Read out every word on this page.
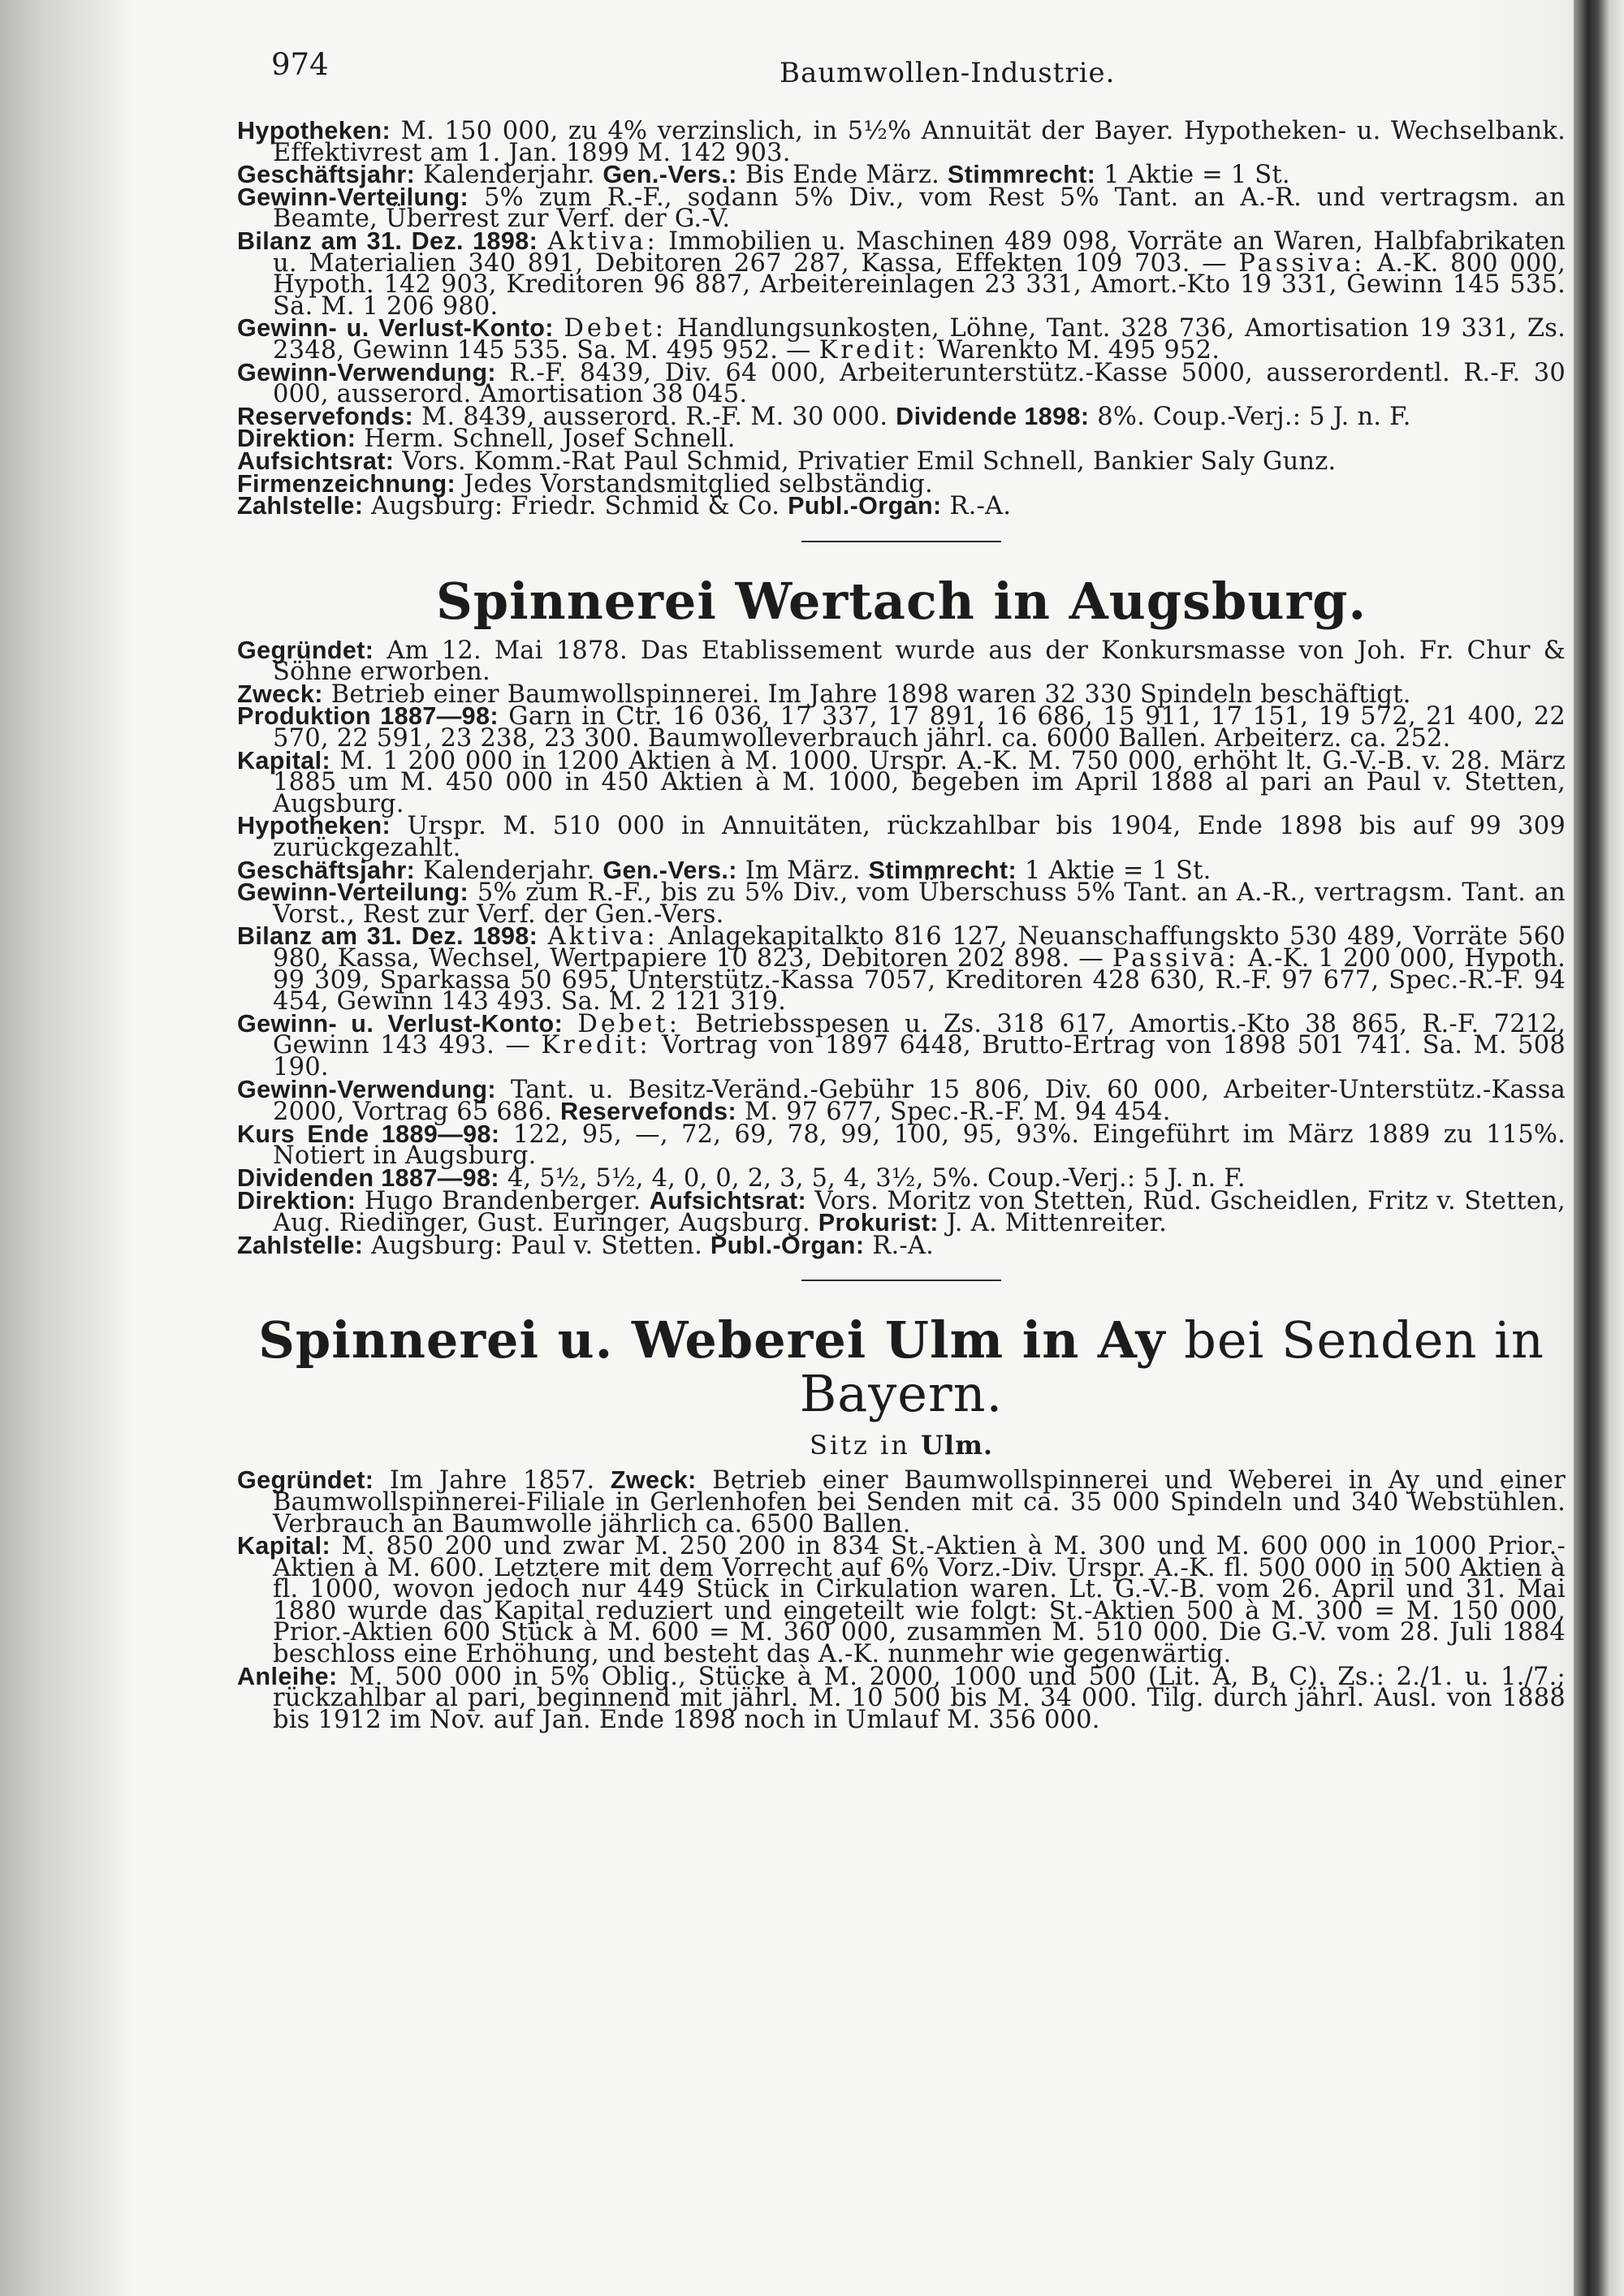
974	Baumwollen-Industrie.

Hypotheken: M. 150 000, zu 4% verzinslich, in 5½% Annuität der Bayer. Hypotheken- u. Wechselbank. Effektivrest am 1. Jan. 1899 M. 142 903.

Geschäftsjahr: Kalenderjahr. Gen.-Vers.: Bis Ende März. Stimmrecht: 1 Aktie = 1 St.

Gewinn-Verteilung: 5% zum R.-F., sodann 5% Div., vom Rest 5% Tant. an A.-R. und vertragsm. an Beamte, Überrest zur Verf. der G.-V.

Bilanz am 31. Dez. 1898: Aktiva: Immobilien u. Maschinen 489 098, Vorräte an Waren, Halbfabrikaten u. Materialien 340 891, Debitoren 267 287, Kassa, Effekten 109 703. — Passiva: A.-K. 800 000, Hypoth. 142 903, Kreditoren 96 887, Arbeitereinlagen 23 331, Amort.-Kto 19 331, Gewinn 145 535. Sa. M. 1 206 980.

Gewinn- u. Verlust-Konto: Debet: Handlungsunkosten, Löhne, Tant. 328 736, Amortisation 19 331, Zs. 2348, Gewinn 145 535. Sa. M. 495 952. — Kredit: Warenkto M. 495 952.

Gewinn-Verwendung: R.-F. 8439, Div. 64 000, Arbeiterunterstütz.-Kasse 5000, ausserordentl. R.-F. 30 000, ausserord. Amortisation 38 045.

Reservefonds: M. 8439, ausserord. R.-F. M. 30 000. Dividende 1898: 8%. Coup.-Verj.: 5 J. n. F.

Direktion: Herm. Schnell, Josef Schnell.

Aufsichtsrat: Vors. Komm.-Rat Paul Schmid, Privatier Emil Schnell, Bankier Saly Gunz.

Firmenzeichnung: Jedes Vorstandsmitglied selbständig.

Zahlstelle: Augsburg: Friedr. Schmid & Co. Publ.-Organ: R.-A.

Spinnerei Wertach in Augsburg.

Gegründet: Am 12. Mai 1878. Das Etablissement wurde aus der Konkursmasse von Joh. Fr. Chur & Söhne erworben.

Zweck: Betrieb einer Baumwollspinnerei. Im Jahre 1898 waren 32 330 Spindeln beschäftigt.

Produktion 1887—98: Garn in Ctr. 16 036, 17 337, 17 891, 16 686, 15 911, 17 151, 19 572, 21 400, 22 570, 22 591, 23 238, 23 300. Baumwolleverbrauch jährl. ca. 6000 Ballen. Arbeiterz. ca. 252.

Kapital: M. 1 200 000 in 1200 Aktien à M. 1000. Urspr. A.-K. M. 750 000, erhöht lt. G.-V.-B. v. 28. März 1885 um M. 450 000 in 450 Aktien à M. 1000, begeben im April 1888 al pari an Paul v. Stetten, Augsburg.

Hypotheken: Urspr. M. 510 000 in Annuitäten, rückzahlbar bis 1904, Ende 1898 bis auf 99 309 zurückgezahlt.

Geschäftsjahr: Kalenderjahr. Gen.-Vers.: Im März. Stimmrecht: 1 Aktie = 1 St.

Gewinn-Verteilung: 5% zum R.-F., bis zu 5% Div., vom Überschuss 5% Tant. an A.-R., vertragsm. Tant. an Vorst., Rest zur Verf. der Gen.-Vers.

Bilanz am 31. Dez. 1898: Aktiva: Anlagekapitalkto 816 127, Neuanschaffungskto 530 489, Vorräte 560 980, Kassa, Wechsel, Wertpapiere 10 823, Debitoren 202 898. — Passiva: A.-K. 1 200 000, Hypoth. 99 309, Sparkassa 50 695, Unterstütz.-Kassa 7057, Kreditoren 428 630, R.-F. 97 677, Spec.-R.-F. 94 454, Gewinn 143 493. Sa. M. 2 121 319.

Gewinn- u. Verlust-Konto: Debet: Betriebsspesen u. Zs. 318 617, Amortis.-Kto 38 865, R.-F. 7212, Gewinn 143 493. — Kredit: Vortrag von 1897 6448, Brutto-Ertrag von 1898 501 741. Sa. M. 508 190.

Gewinn-Verwendung: Tant. u. Besitz-Veränd.-Gebühr 15 806, Div. 60 000, Arbeiter-Unterstütz.-Kassa 2000, Vortrag 65 686. Reservefonds: M. 97 677, Spec.-R.-F. M. 94 454.

Kurs Ende 1889—98: 122, 95, —, 72, 69, 78, 99, 100, 95, 93%. Eingeführt im März 1889 zu 115%. Notiert in Augsburg.

Dividenden 1887—98: 4, 5½, 5½, 4, 0, 0, 2, 3, 5, 4, 3½, 5%. Coup.-Verj.: 5 J. n. F.

Direktion: Hugo Brandenberger. Aufsichtsrat: Vors. Moritz von Stetten, Rud. Gscheidlen, Fritz v. Stetten, Aug. Riedinger, Gust. Euringer, Augsburg. Prokurist: J. A. Mittenreiter.

Zahlstelle: Augsburg: Paul v. Stetten. Publ.-Organ: R.-A.

Spinnerei u. Weberei Ulm in Ay bei Senden in Bayern.
Sitz in Ulm.

Gegründet: Im Jahre 1857. Zweck: Betrieb einer Baumwollspinnerei und Weberei in Ay und einer Baumwollspinnerei-Filiale in Gerlenhofen bei Senden mit ca. 35 000 Spindeln und 340 Webstühlen. Verbrauch an Baumwolle jährlich ca. 6500 Ballen.

Kapital: M. 850 200 und zwar M. 250 200 in 834 St.-Aktien à M. 300 und M. 600 000 in 1000 Prior.-Aktien à M. 600. Letztere mit dem Vorrecht auf 6% Vorz.-Div. Urspr. A.-K. fl. 500 000 in 500 Aktien à fl. 1000, wovon jedoch nur 449 Stück in Cirkulation waren. Lt. G.-V.-B. vom 26. April und 31. Mai 1880 wurde das Kapital reduziert und eingeteilt wie folgt: St.-Aktien 500 à M. 300 = M. 150 000, Prior.-Aktien 600 Stück à M. 600 = M. 360 000, zusammen M. 510 000. Die G.-V. vom 28. Juli 1884 beschloss eine Erhöhung, und besteht das A.-K. nunmehr wie gegenwärtig.

Anleihe: M. 500 000 in 5% Oblig., Stücke à M. 2000, 1000 und 500 (Lit. A, B, C). Zs.: 2./1. u. 1./7.; rückzahlbar al pari, beginnend mit jährl. M. 10 500 bis M. 34 000. Tilg. durch jährl. Ausl. von 1888 bis 1912 im Nov. auf Jan. Ende 1898 noch in Umlauf M. 356 000.
